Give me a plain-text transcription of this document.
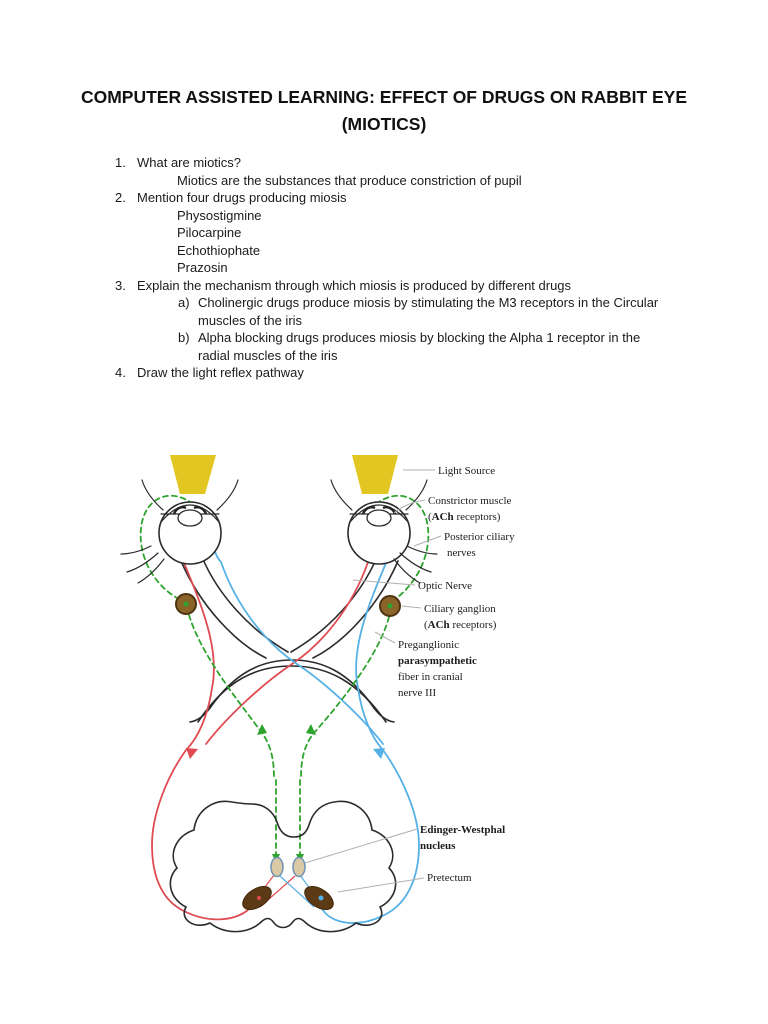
COMPUTER ASSISTED LEARNING: EFFECT OF DRUGS ON RABBIT EYE
(MIOTICS)
1. What are miotics?
Miotics are the substances that produce constriction of pupil
2. Mention four drugs producing miosis
Physostigmine
Pilocarpine
Echothiophate
Prazosin
3. Explain the mechanism through which miosis is produced by different drugs
a) Cholinergic drugs produce miosis by stimulating the M3 receptors in the Circular muscles of the iris
b) Alpha blocking drugs produces miosis by blocking the Alpha 1 receptor in the radial muscles of the iris
4. Draw the light reflex pathway
Light Source
Constrictor muscle
(ACh receptors)
Posterior ciliary
nerves
Optic Nerve
Ciliary ganglion
(ACh receptors)
Preganglionic
parasympathetic
fiber in cranial
nerve III
Edinger-Westphal
nucleus
Pretectum
